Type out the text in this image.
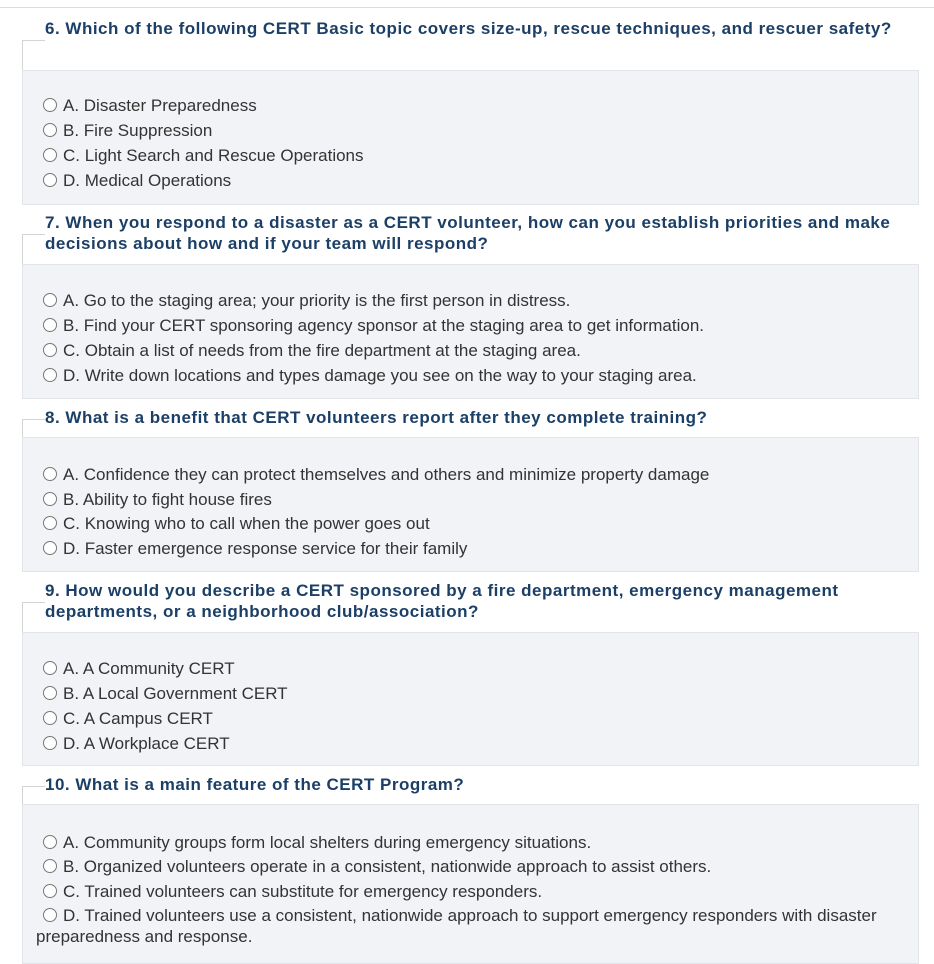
6. Which of the following CERT Basic topic covers size-up, rescue techniques, and rescuer safety?
A. Disaster Preparedness
B. Fire Suppression
C. Light Search and Rescue Operations
D. Medical Operations
7. When you respond to a disaster as a CERT volunteer, how can you establish priorities and make decisions about how and if your team will respond?
A. Go to the staging area; your priority is the first person in distress.
B. Find your CERT sponsoring agency sponsor at the staging area to get information.
C. Obtain a list of needs from the fire department at the staging area.
D. Write down locations and types damage you see on the way to your staging area.
8. What is a benefit that CERT volunteers report after they complete training?
A. Confidence they can protect themselves and others and minimize property damage
B. Ability to fight house fires
C. Knowing who to call when the power goes out
D. Faster emergence response service for their family
9. How would you describe a CERT sponsored by a fire department, emergency management departments, or a neighborhood club/association?
A. A Community CERT
B. A Local Government CERT
C. A Campus CERT
D. A Workplace CERT
10. What is a main feature of the CERT Program?
A. Community groups form local shelters during emergency situations.
B. Organized volunteers operate in a consistent, nationwide approach to assist others.
C. Trained volunteers can substitute for emergency responders.
D. Trained volunteers use a consistent, nationwide approach to support emergency responders with disaster preparedness and response.
